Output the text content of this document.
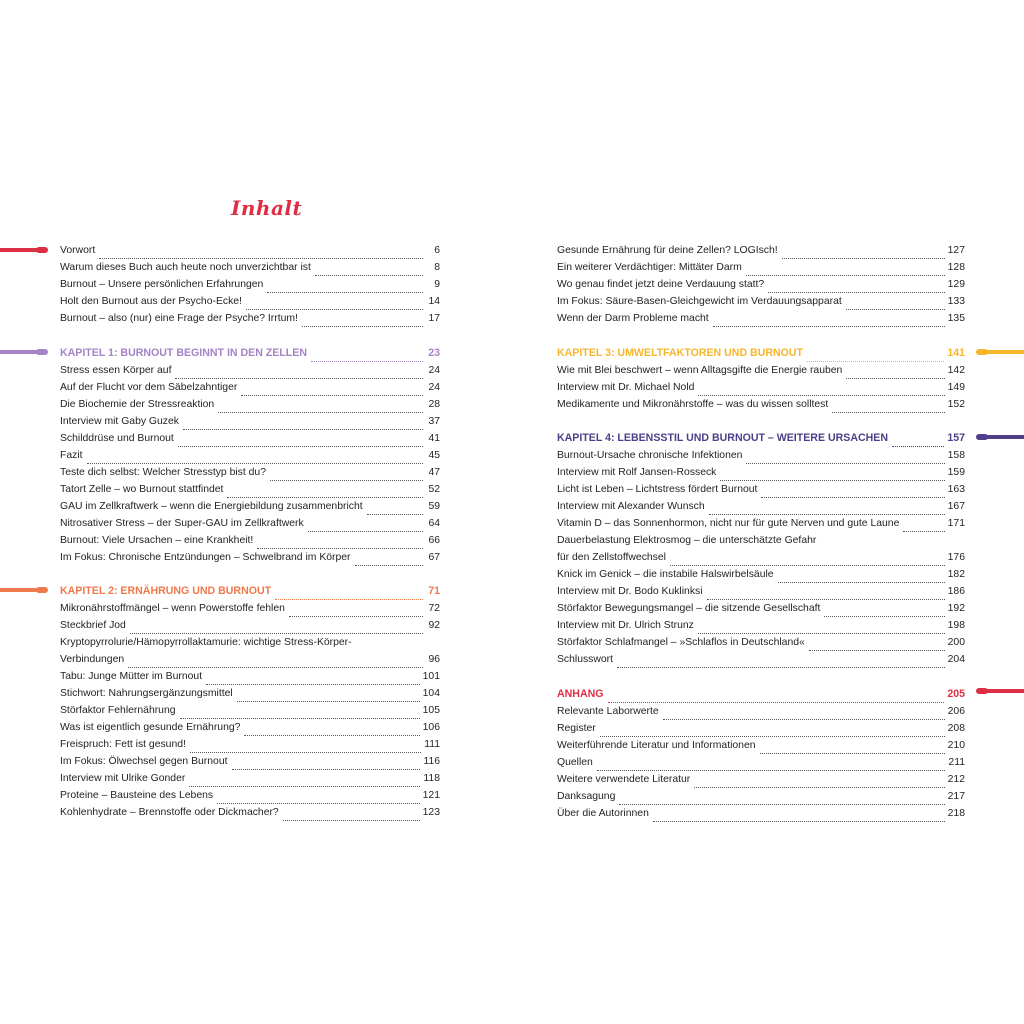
Inhalt
Vorwort	6
Warum dieses Buch auch heute noch unverzichtbar ist	8
Burnout – Unsere persönlichen Erfahrungen	9
Holt den Burnout aus der Psycho-Ecke!	14
Burnout – also (nur) eine Frage der Psyche? Irrtum!	17
KAPITEL 1: BURNOUT BEGINNT IN DEN ZELLEN	23
Stress essen Körper auf	24
Auf der Flucht vor dem Säbelzahntiger	24
Die Biochemie der Stressreaktion	28
Interview mit Gaby Guzek	37
Schilddrüse und Burnout	41
Fazit	45
Teste dich selbst: Welcher Stresstyp bist du?	47
Tatort Zelle – wo Burnout stattfindet	52
GAU im Zellkraftwerk – wenn die Energiebildung zusammenbricht	59
Nitrosativer Stress – der Super-GAU im Zellkraftwerk	64
Burnout: Viele Ursachen – eine Krankheit!	66
Im Fokus: Chronische Entzündungen – Schwelbrand im Körper	67
KAPITEL 2: ERNÄHRUNG UND BURNOUT	71
Mikronährstoffmängel – wenn Powerstoffe fehlen	72
Steckbrief Jod	92
Kryptopyrrolurie/Hämopyrrollaktamurie: wichtige Stress-Körper-
Verbindungen	96
Tabu: Junge Mütter im Burnout	101
Stichwort: Nahrungsergänzungsmittel	104
Störfaktor Fehlernährung	105
Was ist eigentlich gesunde Ernährung?	106
Freispruch: Fett ist gesund!	111
Im Fokus: Ölwechsel gegen Burnout	116
Interview mit Ulrike Gonder	118
Proteine – Bausteine des Lebens	121
Kohlenhydrate – Brennstoffe oder Dickmacher?	123
Gesunde Ernährung für deine Zellen? LOGIsch!	127
Ein weiterer Verdächtiger: Mittäter Darm	128
Wo genau findet jetzt deine Verdauung statt?	129
Im Fokus: Säure-Basen-Gleichgewicht im Verdauungsapparat	133
Wenn der Darm Probleme macht	135
KAPITEL 3: UMWELTFAKTOREN UND BURNOUT	141
Wie mit Blei beschwert – wenn Alltagsgifte die Energie rauben	142
Interview mit Dr. Michael Nold	149
Medikamente und Mikronährstoffe – was du wissen solltest	152
KAPITEL 4: LEBENSSTIL UND BURNOUT – WEITERE URSACHEN	157
Burnout-Ursache chronische Infektionen	158
Interview mit Rolf Jansen-Rosseck	159
Licht ist Leben – Lichtstress fördert Burnout	163
Interview mit Alexander Wunsch	167
Vitamin D – das Sonnenhormon, nicht nur für gute Nerven und gute Laune	171
Dauerbelastung Elektrosmog – die unterschätzte Gefahr
für den Zellstoffwechsel	176
Knick im Genick – die instabile Halswirbelsäule	182
Interview mit Dr. Bodo Kuklinksi	186
Störfaktor Bewegungsmangel – die sitzende Gesellschaft	192
Interview mit Dr. Ulrich Strunz	198
Störfaktor Schlafmangel – »Schlaflos in Deutschland«	200
Schlusswort	204
ANHANG	205
Relevante Laborwerte	206
Register	208
Weiterführende Literatur und Informationen	210
Quellen	211
Weitere verwendete Literatur	212
Danksagung	217
Über die Autorinnen	218
